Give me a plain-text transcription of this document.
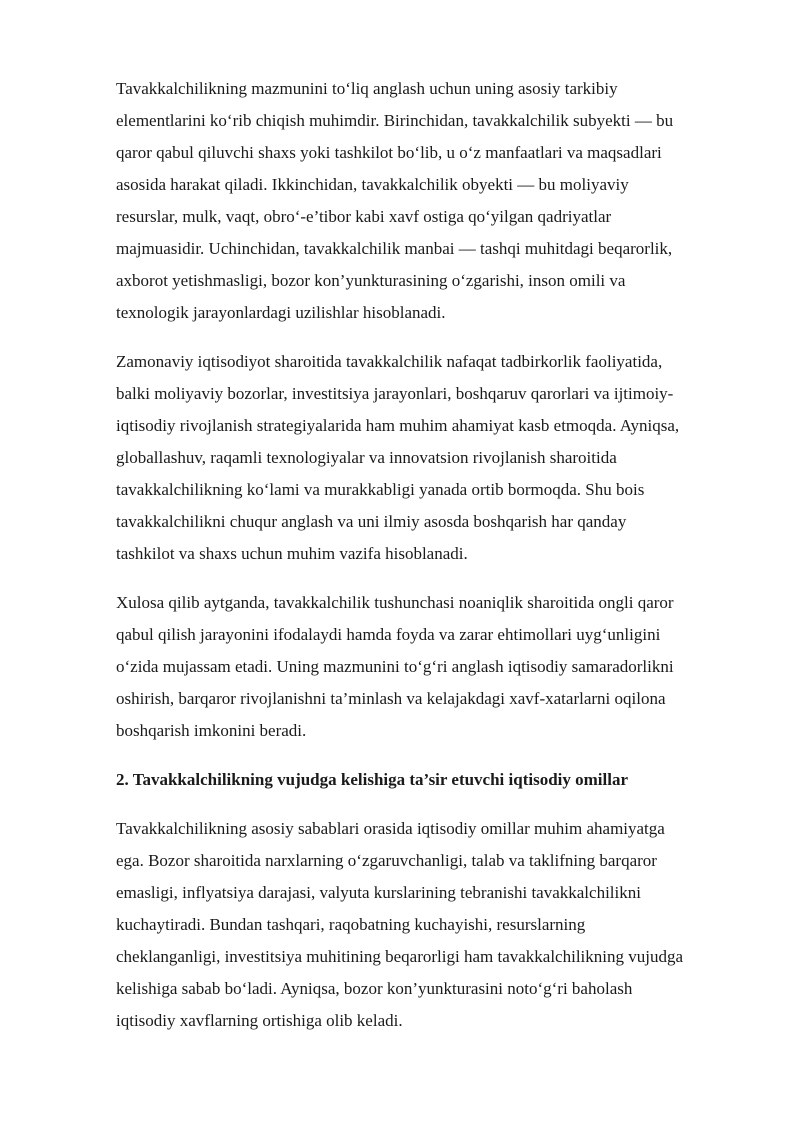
Tavakkalchilikning mazmunini to‘liq anglash uchun uning asosiy tarkibiy
elementlarini ko‘rib chiqish muhimdir. Birinchidan, tavakkalchilik subyekti — bu
qaror qabul qiluvchi shaxs yoki tashkilot bo‘lib, u o‘z manfaatlari va maqsadlari
asosida harakat qiladi. Ikkinchidan, tavakkalchilik obyekti — bu moliyaviy
resurslar, mulk, vaqt, obro‘-e’tibor kabi xavf ostiga qo‘yilgan qadriyatlar
majmuasidir. Uchinchidan, tavakkalchilik manbai — tashqi muhitdagi beqarorlik,
axborot yetishmasligi, bozor kon’yunkturasining o‘zgarishi, inson omili va
texnologik jarayonlardagi uzilishlar hisoblanadi.

Zamonaviy iqtisodiyot sharoitida tavakkalchilik nafaqat tadbirkorlik faoliyatida,
balki moliyaviy bozorlar, investitsiya jarayonlari, boshqaruv qarorlari va ijtimoiy-
iqtisodiy rivojlanish strategiyalarida ham muhim ahamiyat kasb etmoqda. Ayniqsa,
globallashuv, raqamli texnologiyalar va innovatsion rivojlanish sharoitida
tavakkalchilikning ko‘lami va murakkabligi yanada ortib bormoqda. Shu bois
tavakkalchilikni chuqur anglash va uni ilmiy asosda boshqarish har qanday
tashkilot va shaxs uchun muhim vazifa hisoblanadi.

Xulosa qilib aytganda, tavakkalchilik tushunchasi noaniqlik sharoitida ongli qaror
qabul qilish jarayonini ifodalaydi hamda foyda va zarar ehtimollari uyg‘unligini
o‘zida mujassam etadi. Uning mazmunini to‘g‘ri anglash iqtisodiy samaradorlikni
oshirish, barqaror rivojlanishni ta’minlash va kelajakdagi xavf-xatarlarni oqilona
boshqarish imkonini beradi.

2. Tavakkalchilikning vujudga kelishiga ta’sir etuvchi iqtisodiy omillar

Tavakkalchilikning asosiy sabablari orasida iqtisodiy omillar muhim ahamiyatga
ega. Bozor sharoitida narxlarning o‘zgaruvchanligi, talab va taklifning barqaror
emasligi, inflyatsiya darajasi, valyuta kurslarining tebranishi tavakkalchilikni
kuchaytiradi. Bundan tashqari, raqobatning kuchayishi, resurslarning
cheklanganligi, investitsiya muhitining beqarorligi ham tavakkalchilikning vujudga
kelishiga sabab bo‘ladi. Ayniqsa, bozor kon’yunkturasini noto‘g‘ri baholash
iqtisodiy xavflarning ortishiga olib keladi.
